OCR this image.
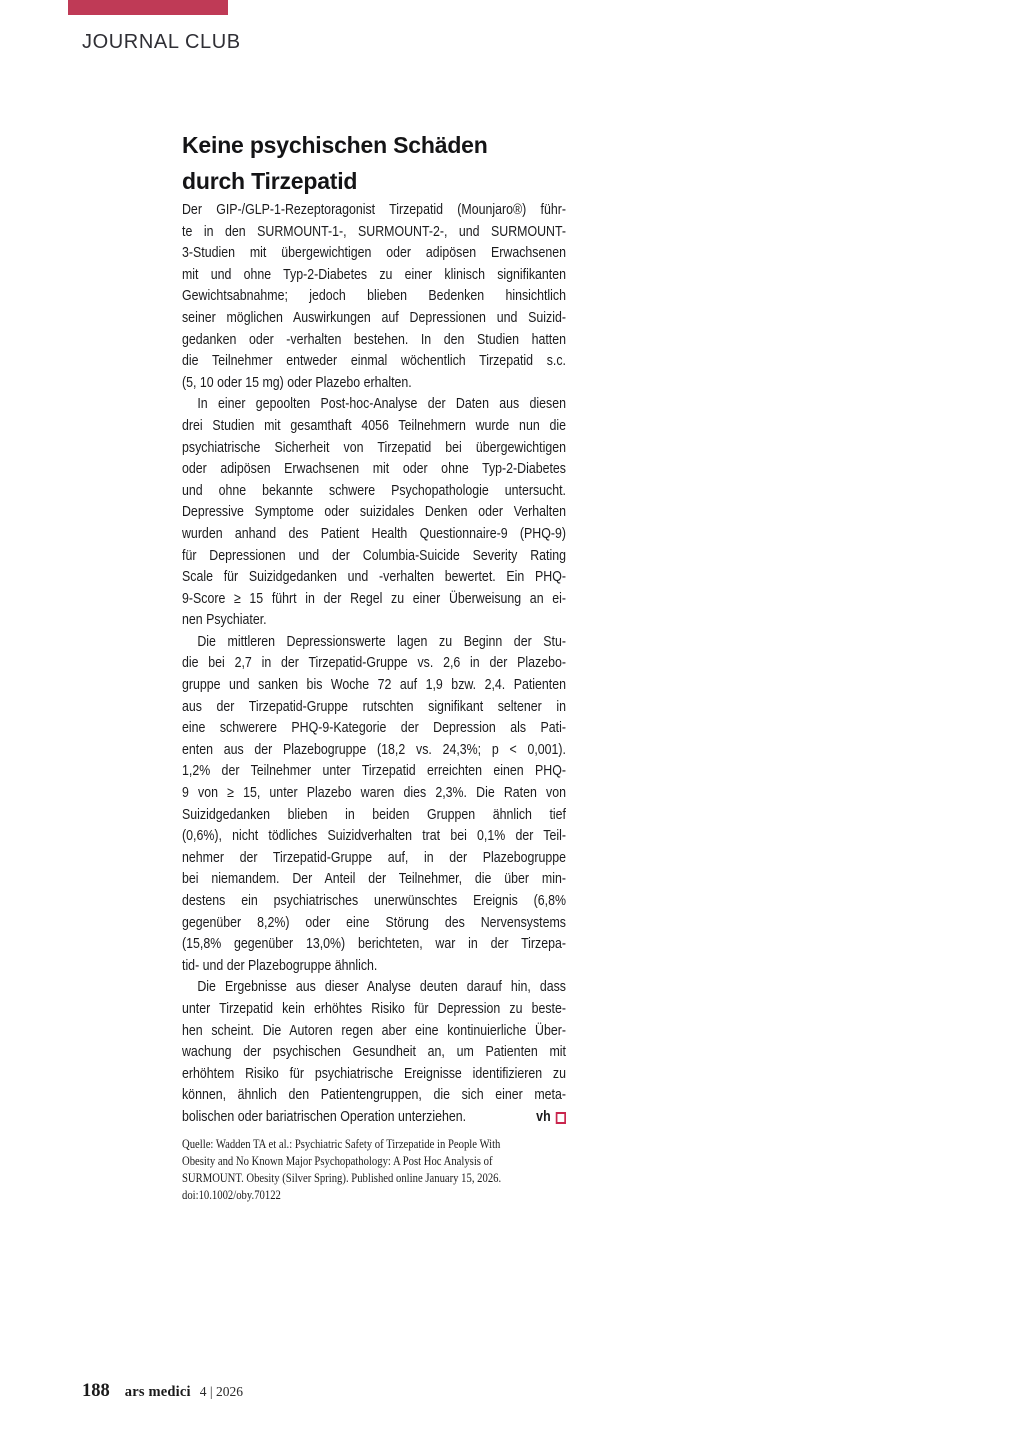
JOURNAL CLUB
Keine psychischen Schäden
durch Tirzepatid
Der GIP-/GLP-1-Rezeptoragonist Tirzepatid (Mounjaro®) führ-
te in den SURMOUNT-1-, SURMOUNT-2-, und SURMOUNT-
3-Studien mit übergewichtigen oder adipösen Erwachsenen
mit und ohne Typ-2-Diabetes zu einer klinisch signifikanten
Gewichtsabnahme; jedoch blieben Bedenken hinsichtlich
seiner möglichen Auswirkungen auf Depressionen und Suizid-
gedanken oder -verhalten bestehen. In den Studien hatten
die Teilnehmer entweder einmal wöchentlich Tirzepatid s.c.
(5, 10 oder 15 mg) oder Plazebo erhalten.
In einer gepoolten Post-hoc-Analyse der Daten aus diesen
drei Studien mit gesamthaft 4056 Teilnehmern wurde nun die
psychiatrische Sicherheit von Tirzepatid bei übergewichtigen
oder adipösen Erwachsenen mit oder ohne Typ-2-Diabetes
und ohne bekannte schwere Psychopathologie untersucht.
Depressive Symptome oder suizidales Denken oder Verhalten
wurden anhand des Patient Health Questionnaire-9 (PHQ-9)
für Depressionen und der Columbia-Suicide Severity Rating
Scale für Suizidgedanken und -verhalten bewertet. Ein PHQ-
9-Score ≥ 15 führt in der Regel zu einer Überweisung an ei-
nen Psychiater.
Die mittleren Depressionswerte lagen zu Beginn der Stu-
die bei 2,7 in der Tirzepatid-Gruppe vs. 2,6 in der Plazebo-
gruppe und sanken bis Woche 72 auf 1,9 bzw. 2,4. Patienten
aus der Tirzepatid-Gruppe rutschten signifikant seltener in
eine schwerere PHQ-9-Kategorie der Depression als Pati-
enten aus der Plazebogruppe (18,2 vs. 24,3%; p < 0,001).
1,2% der Teilnehmer unter Tirzepatid erreichten einen PHQ-
9 von ≥ 15, unter Plazebo waren dies 2,3%. Die Raten von
Suizidgedanken blieben in beiden Gruppen ähnlich tief
(0,6%), nicht tödliches Suizidverhalten trat bei 0,1% der Teil-
nehmer der Tirzepatid-Gruppe auf, in der Plazebogruppe
bei niemandem. Der Anteil der Teilnehmer, die über min-
destens ein psychiatrisches unerwünschtes Ereignis (6,8%
gegenüber 8,2%) oder eine Störung des Nervensystems
(15,8% gegenüber 13,0%) berichteten, war in der Tirzepa-
tid- und der Plazebogruppe ähnlich.
Die Ergebnisse aus dieser Analyse deuten darauf hin, dass
unter Tirzepatid kein erhöhtes Risiko für Depression zu beste-
hen scheint. Die Autoren regen aber eine kontinuierliche Über-
wachung der psychischen Gesundheit an, um Patienten mit
erhöhtem Risiko für psychiatrische Ereignisse identifizieren zu
können, ähnlich den Patientengruppen, die sich einer meta-
bolischen oder bariatrischen Operation unterziehen.	vh
Quelle: Wadden TA et al.: Psychiatric Safety of Tirzepatide in People With
Obesity and No Known Major Psychopathology: A Post Hoc Analysis of
SURMOUNT. Obesity (Silver Spring). Published online January 15, 2026.
doi:10.1002/oby.70122
188 ars medici 4 | 2026
